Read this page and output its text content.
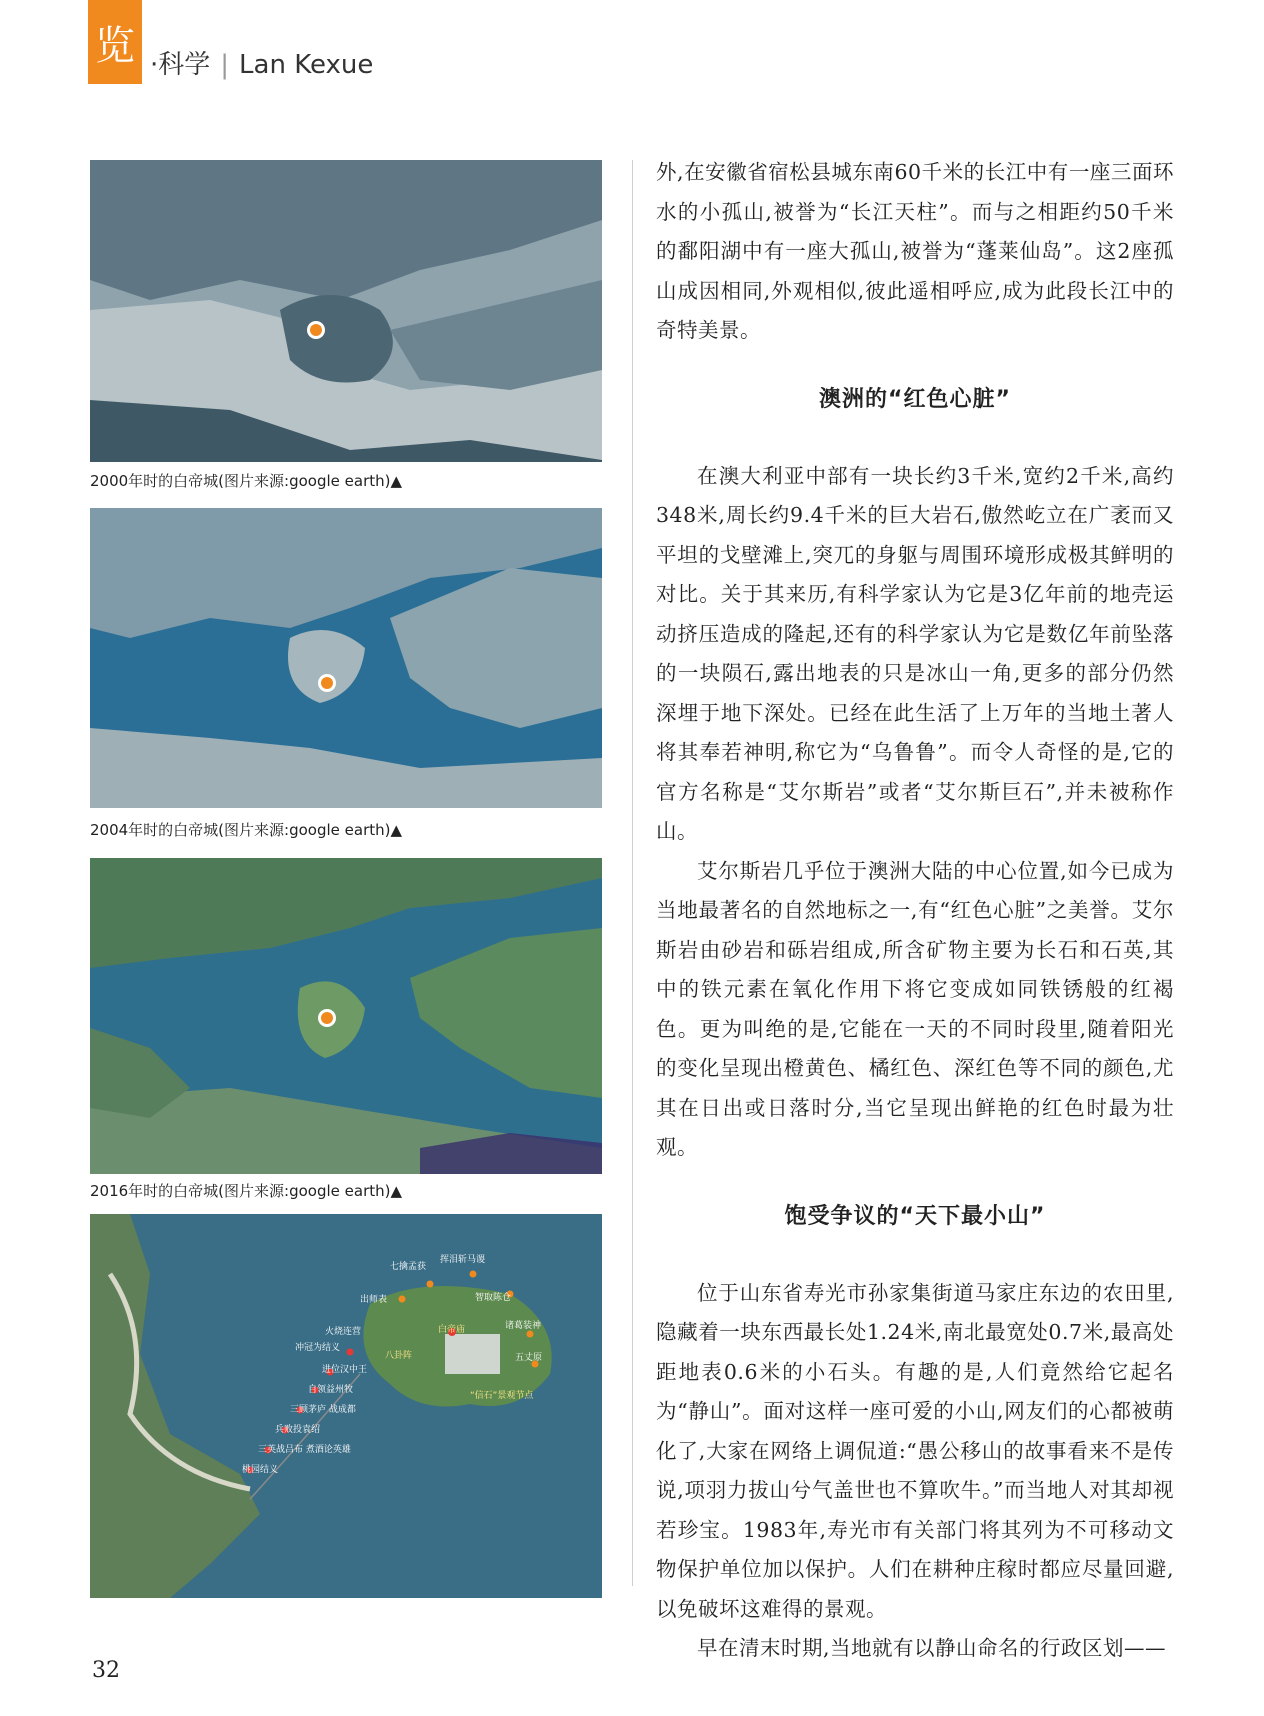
览 ·科学 | Lan Kexue
2000年时的白帝城(图片来源:google earth)▲
2004年时的白帝城(图片来源:google earth)▲
2016年时的白帝城(图片来源:google earth)▲
七擒孟获
挥泪斩马谡
出师表	智取陈仓
火烧连营
冲冠为结义
白帝庙	诸葛装神
进位汉中王
八卦阵	五丈原
自领益州牧
“信石”景观节点
三顾茅庐 战成都
兵败投袁绍
三英战吕布 煮酒论英雄
桃园结义

外,在安徽省宿松县城东南60千米的长江中有一座三面环水的小孤山,被誉为“长江天柱”。而与之相距约50千米的鄱阳湖中有一座大孤山,被誉为“蓬莱仙岛”。这2座孤山成因相同,外观相似,彼此遥相呼应,成为此段长江中的奇特美景。

澳洲的“红色心脏”

在澳大利亚中部有一块长约3千米,宽约2千米,高约348米,周长约9.4千米的巨大岩石,傲然屹立在广袤而又平坦的戈壁滩上,突兀的身躯与周围环境形成极其鲜明的对比。关于其来历,有科学家认为它是3亿年前的地壳运动挤压造成的隆起,还有的科学家认为它是数亿年前坠落的一块陨石,露出地表的只是冰山一角,更多的部分仍然深埋于地下深处。已经在此生活了上万年的当地土著人将其奉若神明,称它为“乌鲁鲁”。而令人奇怪的是,它的官方名称是“艾尔斯岩”或者“艾尔斯巨石”,并未被称作山。

艾尔斯岩几乎位于澳洲大陆的中心位置,如今已成为当地最著名的自然地标之一,有“红色心脏”之美誉。艾尔斯岩由砂岩和砾岩组成,所含矿物主要为长石和石英,其中的铁元素在氧化作用下将它变成如同铁锈般的红褐色。更为叫绝的是,它能在一天的不同时段里,随着阳光的变化呈现出橙黄色、橘红色、深红色等不同的颜色,尤其在日出或日落时分,当它呈现出鲜艳的红色时最为壮观。

饱受争议的“天下最小山”

位于山东省寿光市孙家集街道马家庄东边的农田里,隐藏着一块东西最长处1.24米,南北最宽处0.7米,最高处距地表0.6米的小石头。有趣的是,人们竟然给它起名为“静山”。面对这样一座可爱的小山,网友们的心都被萌化了,大家在网络上调侃道:“愚公移山的故事看来不是传说,项羽力拔山兮气盖世也不算吹牛。”而当地人对其却视若珍宝。1983年,寿光市有关部门将其列为不可移动文物保护单位加以保护。人们在耕种庄稼时都应尽量回避,以免破坏这难得的景观。

早在清末时期,当地就有以静山命名的行政区划——

32
